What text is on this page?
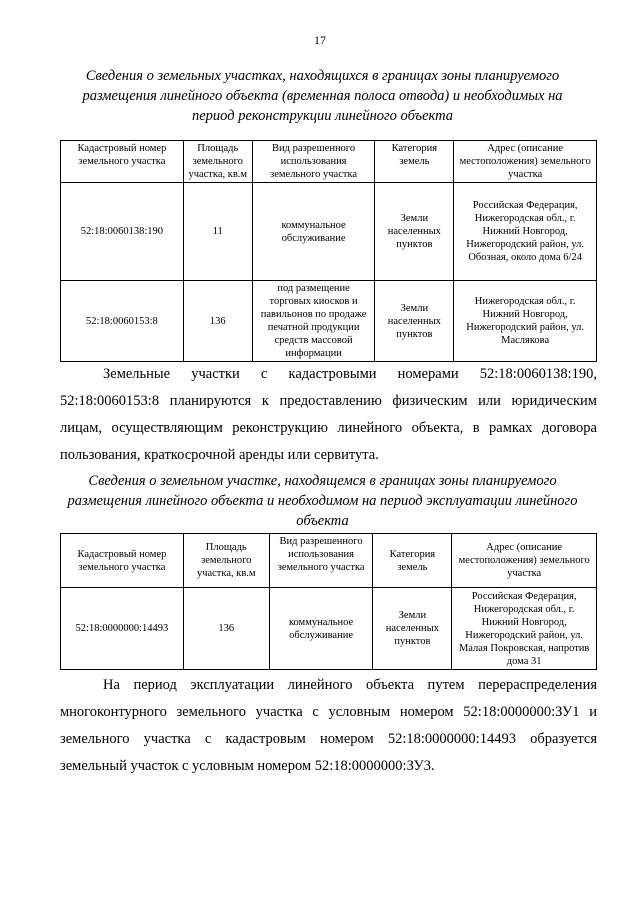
17
Сведения о земельных участках, находящихся в границах зоны планируемого размещения линейного объекта (временная полоса отвода) и необходимых на период реконструкции линейного объекта
Кадастровый номер земельного участка	Площадь земельного участка, кв.м	Вид разрешенного использования земельного участка	Категория земель	Адрес (описание местоположения) земельного участка
52:18:0060138:190	11	коммунальное обслуживание	Земли населенных пунктов	Российская Федерация, Нижегородская обл., г. Нижний Новгород, Нижегородский район, ул. Обозная, около дома 6/24
52:18:0060153:8	136	под размещение торговых киосков и павильонов по продаже печатной продукции средств массовой информации	Земли населенных пунктов	Нижегородская обл., г. Нижний Новгород, Нижегородский район, ул. Маслякова
Земельные участки с кадастровыми номерами 52:18:0060138:190, 52:18:0060153:8 планируются к предоставлению физическим или юридическим лицам, осуществляющим реконструкцию линейного объекта, в рамках договора пользования, краткосрочной аренды или сервитута.
Сведения о земельном участке, находящемся в границах зоны планируемого размещения линейного объекта и необходимом на период эксплуатации линейного объекта
Кадастровый номер земельного участка	Площадь земельного участка, кв.м	Вид разрешенного использования земельного участка	Категория земель	Адрес (описание местоположения) земельного участка
52:18:0000000:14493	136	коммунальное обслуживание	Земли населенных пунктов	Российская Федерация, Нижегородская обл., г. Нижний Новгород, Нижегородский район, ул. Малая Покровская, напротив дома 31
На период эксплуатации линейного объекта путем перераспределения многоконтурного земельного участка с условным номером 52:18:0000000:ЗУ1 и земельного участка с кадастровым номером 52:18:0000000:14493 образуется земельный участок с условным номером 52:18:0000000:ЗУ3.
